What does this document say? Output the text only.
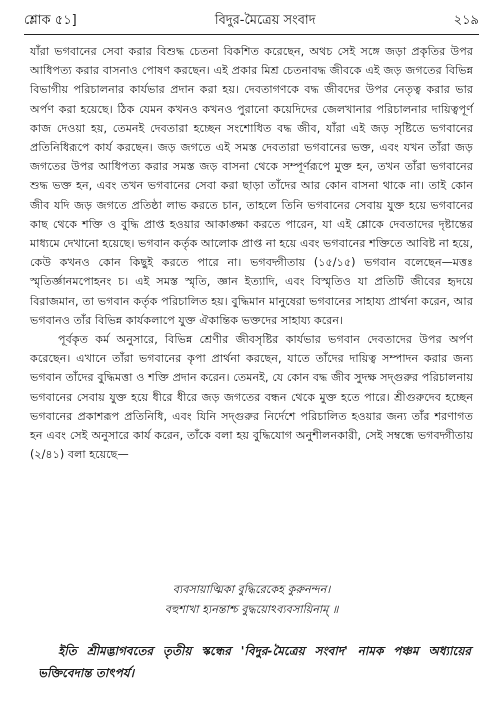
শ্লোক ৫১]	বিদুর-মৈত্রেয় সংবাদ	২১৯

যাঁরা ভগবানের সেবা করার বিশুদ্ধ চেতনা বিকশিত করেছেন, অথচ সেই সঙ্গে জড়া প্রকৃতির উপর আধিপত্য করার বাসনাও পোষণ করছেন। এই প্রকার মিশ্র চেতনাবদ্ধ জীবকে এই জড় জগতের বিভিন্ন বিভাগীয় পরিচালনার কার্যভার প্রদান করা হয়। দেবতাগণকে বদ্ধ জীবদের উপর নেতৃত্ব করার ভার অর্পণ করা হয়েছে। ঠিক যেমন কখনও কখনও পুরানো কয়েদিদের জেলখানার পরিচালনার দায়িত্বপূর্ণ কাজ দেওয়া হয়, তেমনই দেবতারা হচ্ছেন সংশোধিত বদ্ধ জীব, যাঁরা এই জড় সৃষ্টিতে ভগবানের প্রতিনিধিরূপে কার্য করছেন। জড় জগতে এই সমস্ত দেবতারা ভগবানের ভক্ত, এবং যখন তাঁরা জড় জগতের উপর আধিপত্য করার সমস্ত জড় বাসনা থেকে সম্পূর্ণরূপে মুক্ত হন, তখন তাঁরা ভগবানের শুদ্ধ ভক্ত হন, এবং তখন ভগবানের সেবা করা ছাড়া তাঁদের আর কোন বাসনা থাকে না। তাই কোন জীব যদি জড় জগতে প্রতিষ্ঠা লাভ করতে চান, তাহলে তিনি ভগবানের সেবায় যুক্ত হয়ে ভগবানের কাছ থেকে শক্তি ও বুদ্ধি প্রাপ্ত হওয়ার আকাঙ্ক্ষা করতে পারেন, যা এই শ্লোকে দেবতাদের দৃষ্টান্তের মাধ্যমে দেখানো হয়েছে। ভগবান কর্তৃক আলোক প্রাপ্ত না হয়ে এবং ভগবানের শক্তিতে আবিষ্ট না হয়ে, কেউ কখনও কোন কিছুই করতে পারে না। ভগবদ্গীতায় (১৫/১৫) ভগবান বলেছেন—মত্তঃ স্মৃতির্জ্ঞানমপোহনং চ। এই সমস্ত স্মৃতি, জ্ঞান ইত্যাদি, এবং বিস্মৃতিও যা প্রতিটি জীবের হৃদয়ে বিরাজমান, তা ভগবান কর্তৃক পরিচালিত হয়। বুদ্ধিমান মানুষেরা ভগবানের সাহায্য প্রার্থনা করেন, আর ভগবানও তাঁর বিভিন্ন কার্যকলাপে যুক্ত ঐকান্তিক ভক্তদের সাহায্য করেন।

পূর্বকৃত কর্ম অনুসারে, বিভিন্ন শ্রেণীর জীবসৃষ্টির কার্যভার ভগবান দেবতাদের উপর অর্পণ করেছেন। এখানে তাঁরা ভগবানের কৃপা প্রার্থনা করছেন, যাতে তাঁদের দায়িত্ব সম্পাদন করার জন্য ভগবান তাঁদের বুদ্ধিমত্তা ও শক্তি প্রদান করেন। তেমনই, যে কোন বদ্ধ জীব সুদক্ষ সদ্গুরুর পরিচালনায় ভগবানের সেবায় যুক্ত হয়ে ধীরে ধীরে জড় জগতের বন্ধন থেকে মুক্ত হতে পারে। শ্রীগুরুদেব হচ্ছেন ভগবানের প্রকাশরূপ প্রতিনিধি, এবং যিনি সদ্গুরুর নির্দেশে পরিচালিত হওয়ার জন্য তাঁর শরণাগত হন এবং সেই অনুসারে কার্য করেন, তাঁকে বলা হয় বুদ্ধিযোগ অনুশীলনকারী, সেই সম্বন্ধে ভগবদ্গীতায় (২/৪১) বলা হয়েছে—

ব্যবসায়াত্মিকা বুদ্ধিরেকেহ কুরুনন্দন।
বহুশাখা হ্যনন্তাশ্চ বুদ্ধয়োঽব্যবসায়িনাম্ ॥
ইতি শ্রীমদ্ভাগবতের তৃতীয় স্কন্ধের 'বিদুর-মৈত্রেয় সংবাদ' নামক পঞ্চম অধ্যায়ের ভক্তিবেদান্ত তাৎপর্য।
